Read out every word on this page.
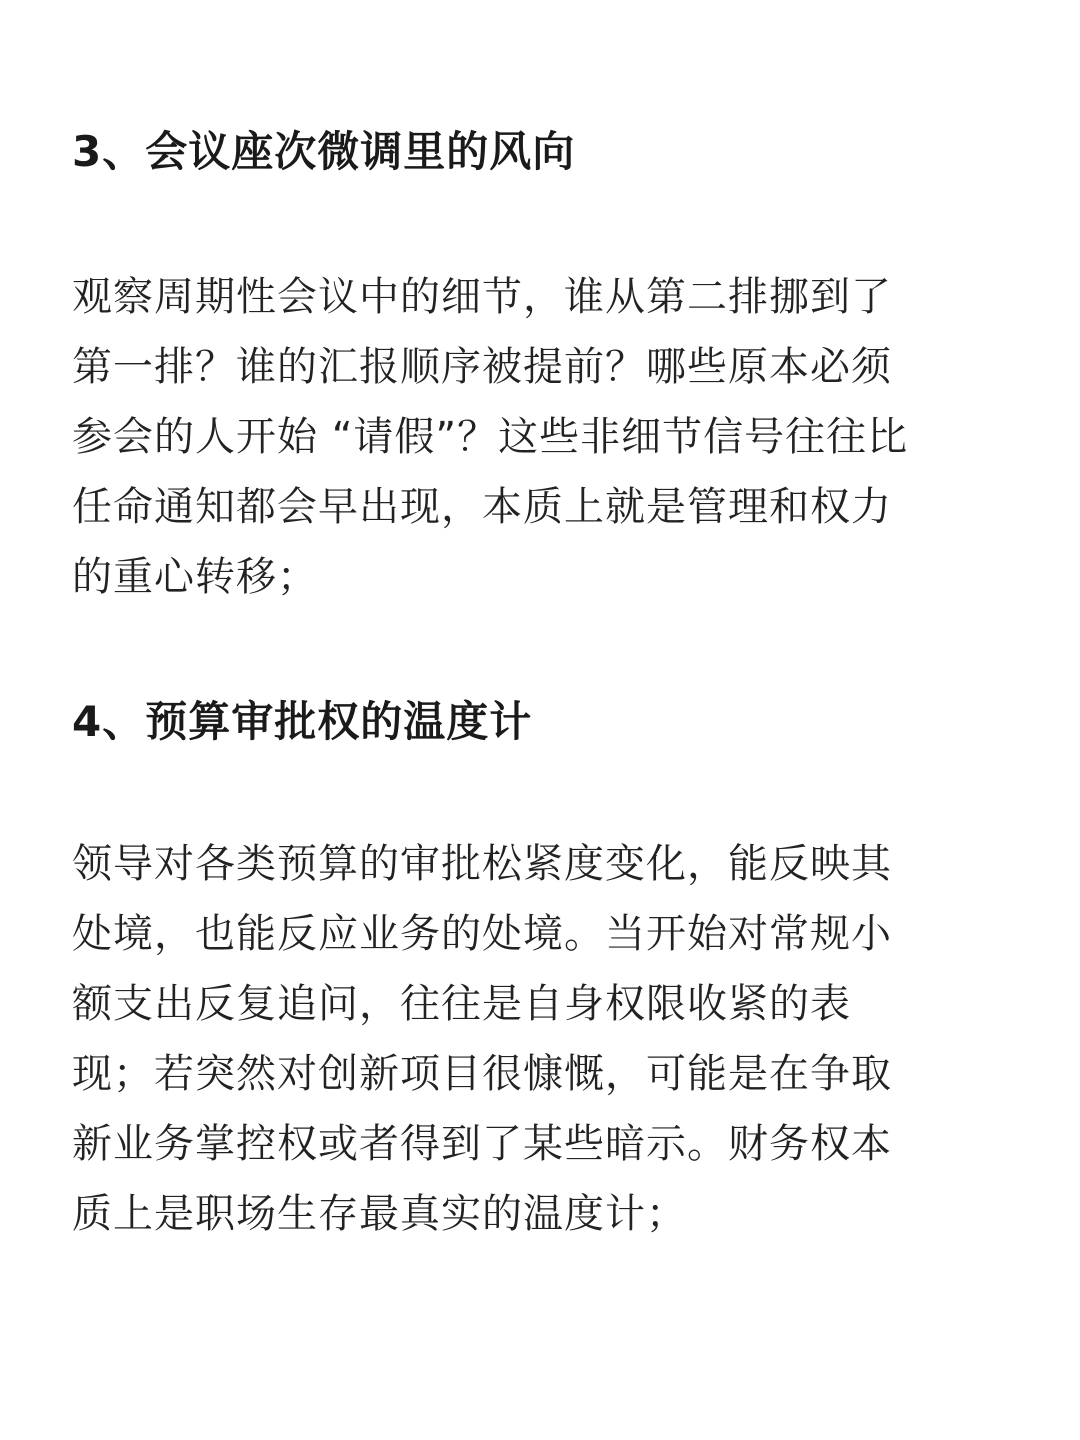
3、会议座次微调里的风向
观察周期性会议中的细节，谁从第二排挪到了
第一排？谁的汇报顺序被提前？哪些原本必须
参会的人开始 “请假”？这些非细节信号往往比
任命通知都会早出现，本质上就是管理和权力
的重心转移；
4、预算审批权的温度计
领导对各类预算的审批松紧度变化，能反映其
处境，也能反应业务的处境。当开始对常规小
额支出反复追问，往往是自身权限收紧的表
现；若突然对创新项目很慷慨，可能是在争取
新业务掌控权或者得到了某些暗示。财务权本
质上是职场生存最真实的温度计；
